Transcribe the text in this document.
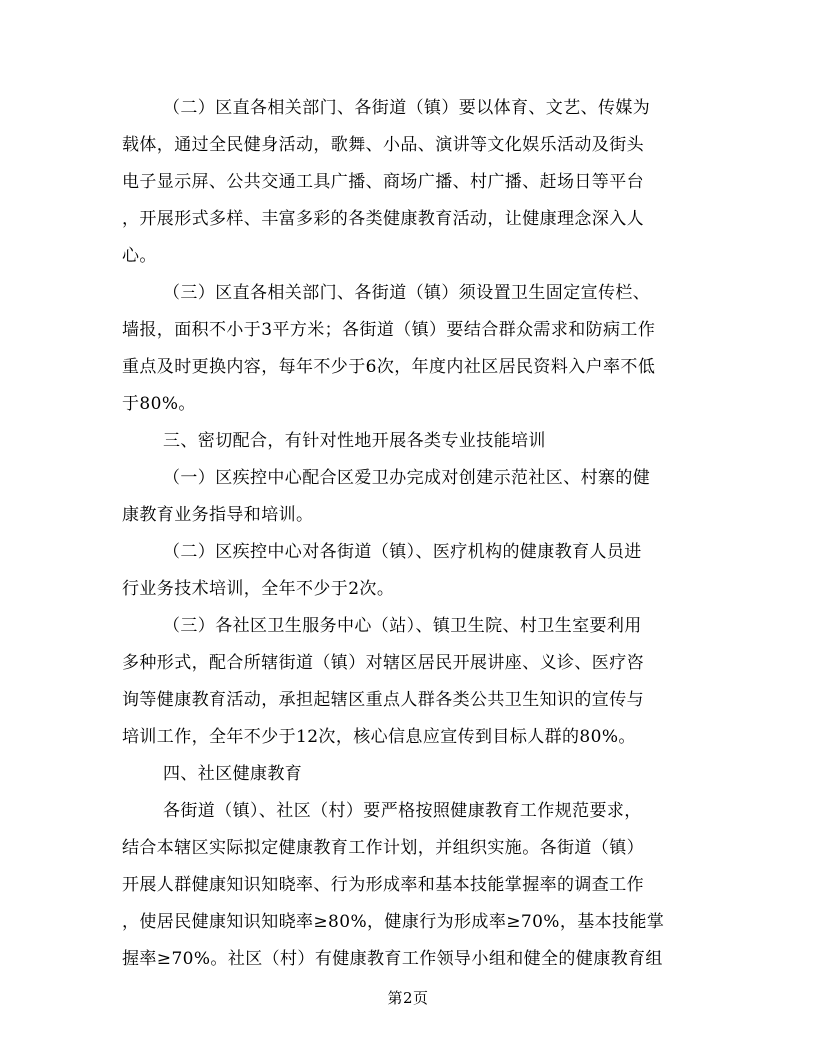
（二）区直各相关部门、各街道（镇）要以体育、文艺、传媒为
载体，通过全民健身活动，歌舞、小品、演讲等文化娱乐活动及街头
电子显示屏、公共交通工具广播、商场广播、村广播、赶场日等平台
，开展形式多样、丰富多彩的各类健康教育活动，让健康理念深入人
心。
（三）区直各相关部门、各街道（镇）须设置卫生固定宣传栏、
墙报，面积不小于3平方米；各街道（镇）要结合群众需求和防病工作
重点及时更换内容，每年不少于6次，年度内社区居民资料入户率不低
于80%。
三、密切配合，有针对性地开展各类专业技能培训
（一）区疾控中心配合区爱卫办完成对创建示范社区、村寨的健
康教育业务指导和培训。
（二）区疾控中心对各街道（镇）、医疗机构的健康教育人员进
行业务技术培训，全年不少于2次。
（三）各社区卫生服务中心（站）、镇卫生院、村卫生室要利用
多种形式，配合所辖街道（镇）对辖区居民开展讲座、义诊、医疗咨
询等健康教育活动，承担起辖区重点人群各类公共卫生知识的宣传与
培训工作，全年不少于12次，核心信息应宣传到目标人群的80%。
四、社区健康教育
各街道（镇）、社区（村）要严格按照健康教育工作规范要求，
结合本辖区实际拟定健康教育工作计划，并组织实施。各街道（镇）
开展人群健康知识知晓率、行为形成率和基本技能掌握率的调查工作
，使居民健康知识知晓率≥80%，健康行为形成率≥70%，基本技能掌
握率≥70%。社区（村）有健康教育工作领导小组和健全的健康教育组
第2页
